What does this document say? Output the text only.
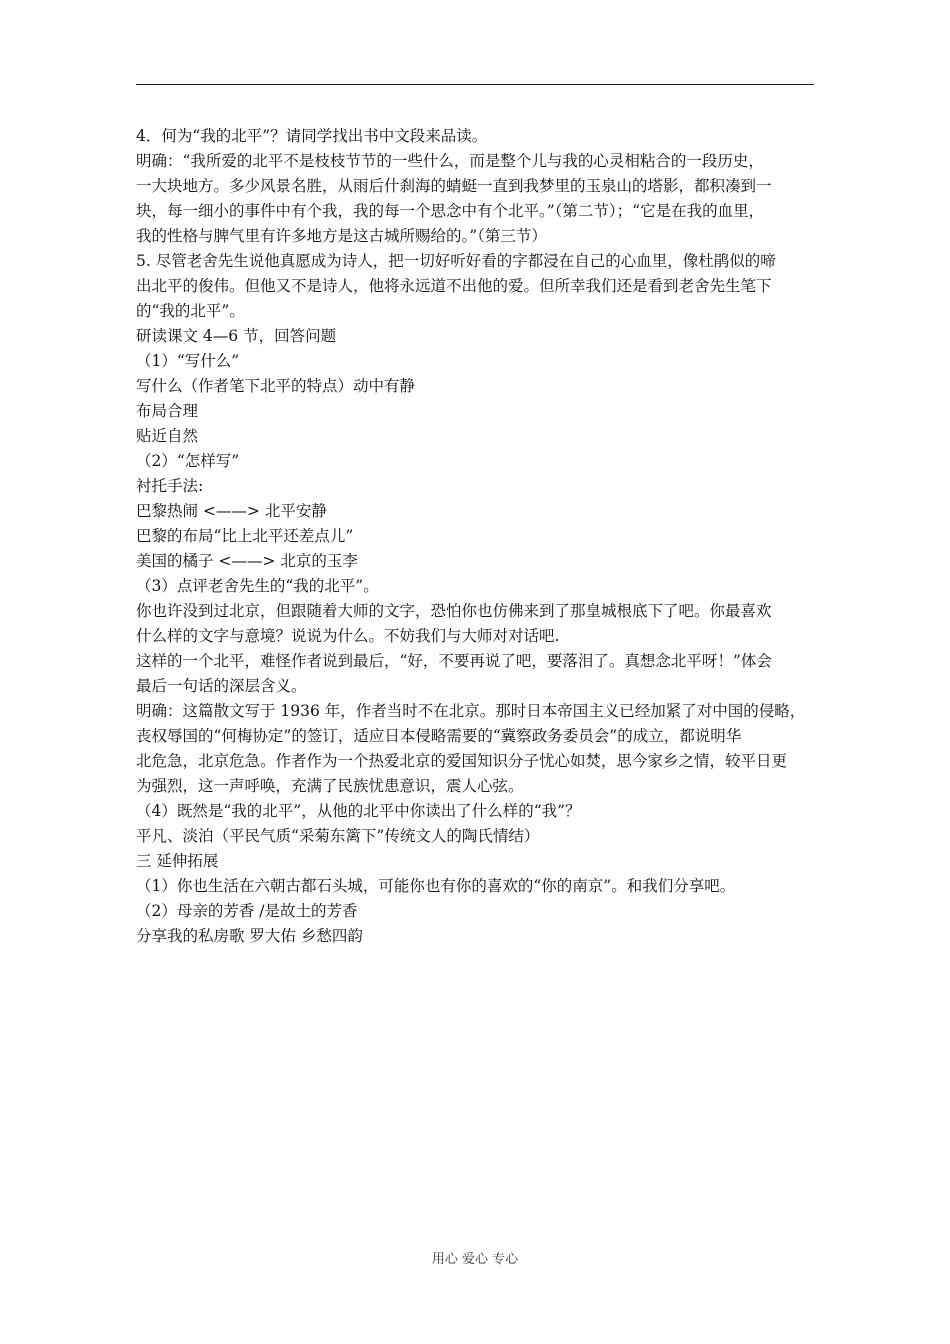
4．何为“我的北平”？请同学找出书中文段来品读。
明确：“我所爱的北平不是枝枝节节的一些什么，而是整个儿与我的心灵相粘合的一段历史，
一大块地方。多少风景名胜，从雨后什刹海的蜻蜓一直到我梦里的玉泉山的塔影，都积凑到一
块，每一细小的事件中有个我，我的每一个思念中有个北平。”（第二节）；“它是在我的血里，
我的性格与脾气里有许多地方是这古城所赐给的。”（第三节）
5. 尽管老舍先生说他真愿成为诗人，把一切好听好看的字都浸在自己的心血里，像杜鹃似的啼
出北平的俊伟。但他又不是诗人，他将永远道不出他的爱。但所幸我们还是看到老舍先生笔下
的“我的北平”。
研读课文 4—6 节，回答问题
（1）“写什么”
写什么（作者笔下北平的特点）动中有静
布局合理
贴近自然
（2）“怎样写”
衬托手法:
巴黎热闹 <——> 北平安静
巴黎的布局“比上北平还差点儿”
美国的橘子 <——> 北京的玉李
（3）点评老舍先生的“我的北平”。
你也许没到过北京，但跟随着大师的文字，恐怕你也仿佛来到了那皇城根底下了吧。你最喜欢
什么样的文字与意境？说说为什么。不妨我们与大师对对话吧.
这样的一个北平，难怪作者说到最后，“好，不要再说了吧，要落泪了。真想念北平呀！”体会
最后一句话的深层含义。
明确：这篇散文写于 1936 年，作者当时不在北京。那时日本帝国主义已经加紧了对中国的侵略，
丧权辱国的“何梅协定”的签订，适应日本侵略需要的“冀察政务委员会”的成立，都说明华
北危急，北京危急。作者作为一个热爱北京的爱国知识分子忧心如焚，思今家乡之情，较平日更
为强烈，这一声呼唤，充满了民族忧患意识，震人心弦。
（4）既然是“我的北平”，从他的北平中你读出了什么样的“我”？
平凡、淡泊（平民气质“采菊东篱下”传统文人的陶氏情结）
三 延伸拓展
（1）你也生活在六朝古都石头城，可能你也有你的喜欢的“你的南京”。和我们分享吧。
（2）母亲的芳香 /是故土的芳香
分享我的私房歌 罗大佑 乡愁四韵
用心 爱心 专心
